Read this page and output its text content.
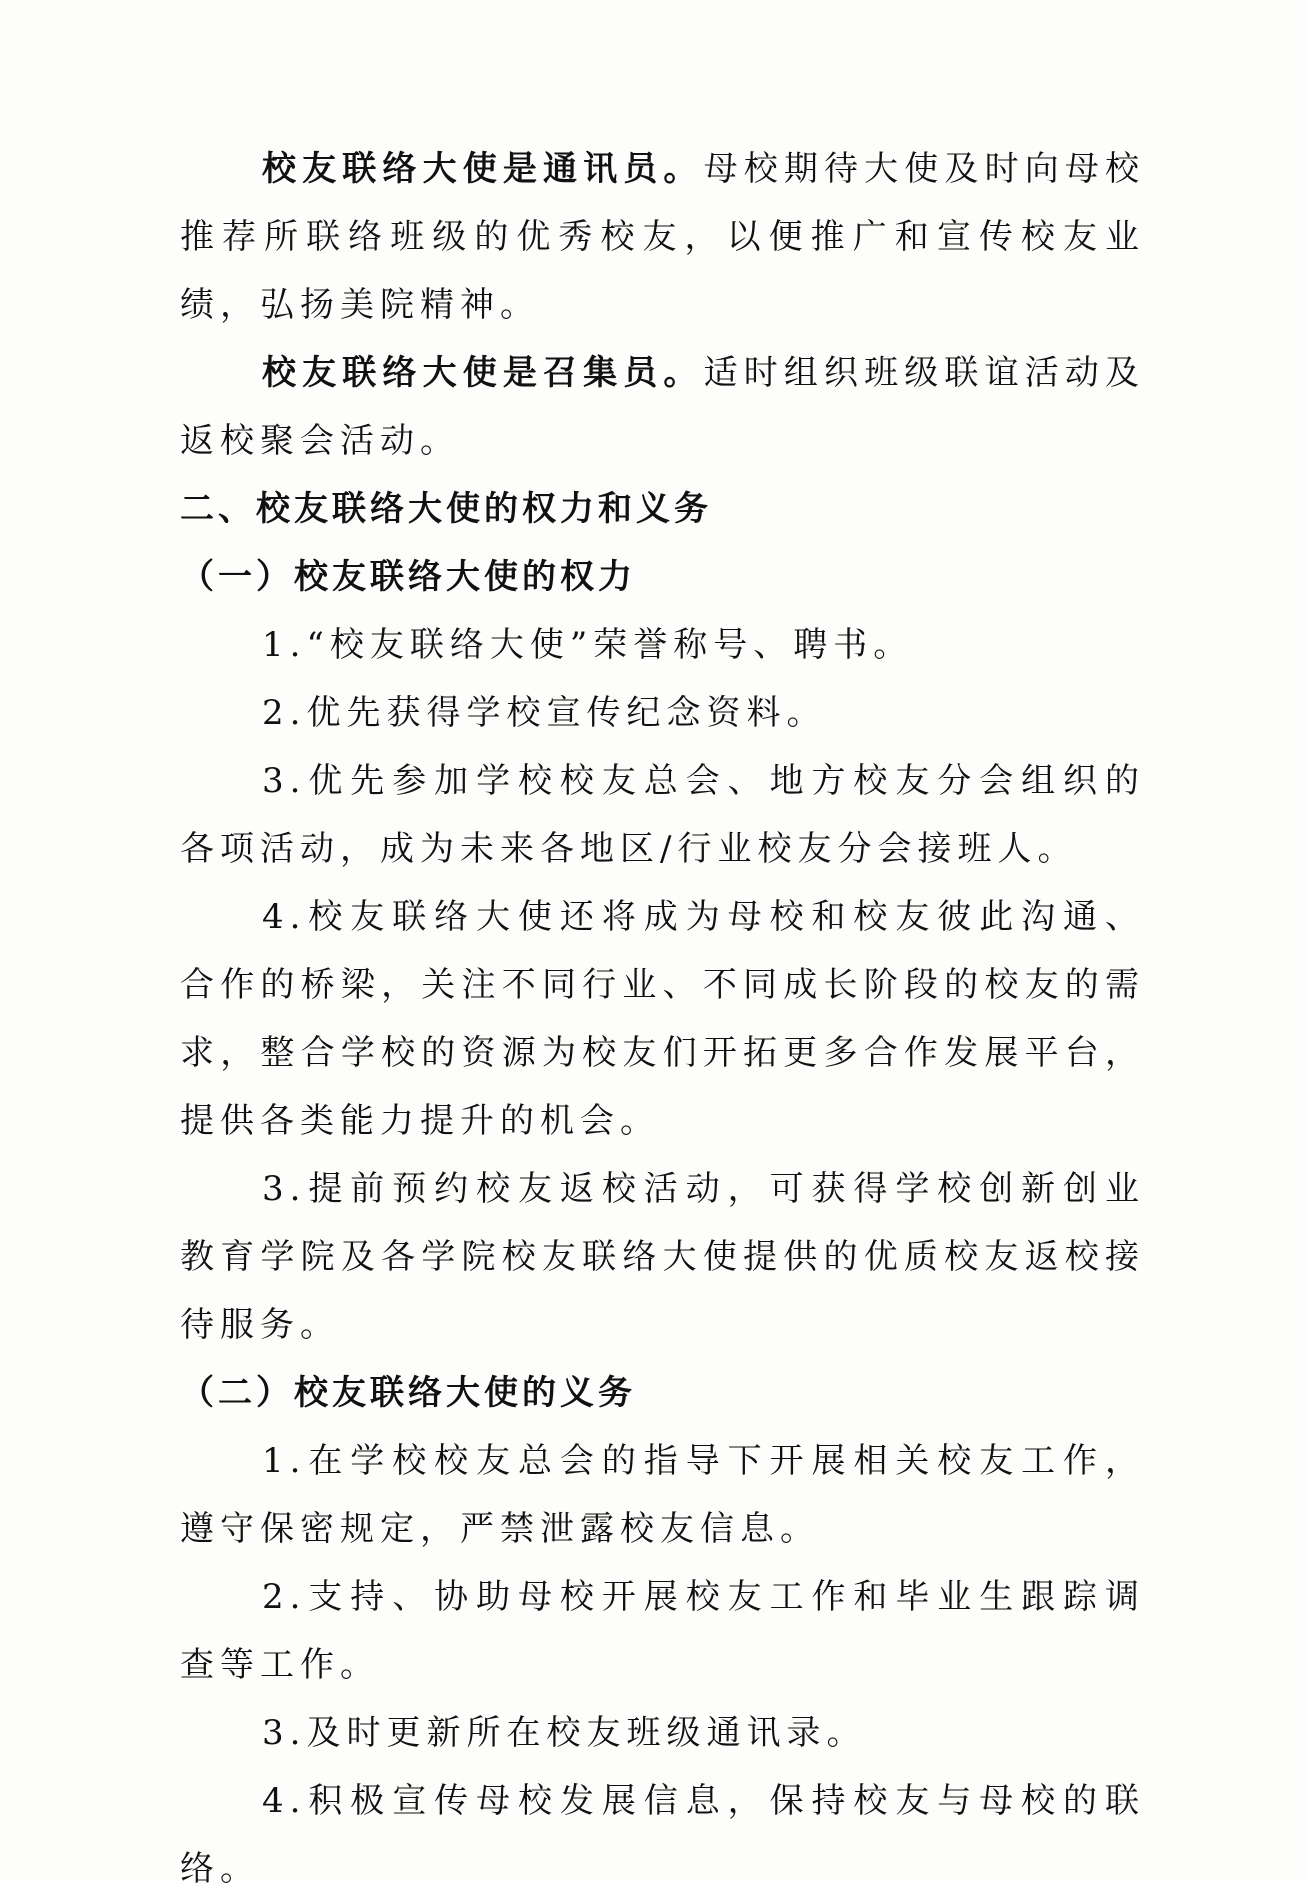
校友联络大使是通讯员。母校期待大使及时向母校推荐所联络班级的优秀校友，以便推广和宣传校友业绩，弘扬美院精神。

校友联络大使是召集员。适时组织班级联谊活动及返校聚会活动。

二、校友联络大使的权力和义务

（一）校友联络大使的权力

1.“校友联络大使”荣誉称号、聘书。

2.优先获得学校宣传纪念资料。

3.优先参加学校校友总会、地方校友分会组织的各项活动，成为未来各地区/行业校友分会接班人。

4.校友联络大使还将成为母校和校友彼此沟通、合作的桥梁，关注不同行业、不同成长阶段的校友的需求，整合学校的资源为校友们开拓更多合作发展平台，提供各类能力提升的机会。

3.提前预约校友返校活动，可获得学校创新创业教育学院及各学院校友联络大使提供的优质校友返校接待服务。

（二）校友联络大使的义务

1.在学校校友总会的指导下开展相关校友工作，遵守保密规定，严禁泄露校友信息。

2.支持、协助母校开展校友工作和毕业生跟踪调查等工作。

3.及时更新所在校友班级通讯录。

4.积极宣传母校发展信息，保持校友与母校的联络。
